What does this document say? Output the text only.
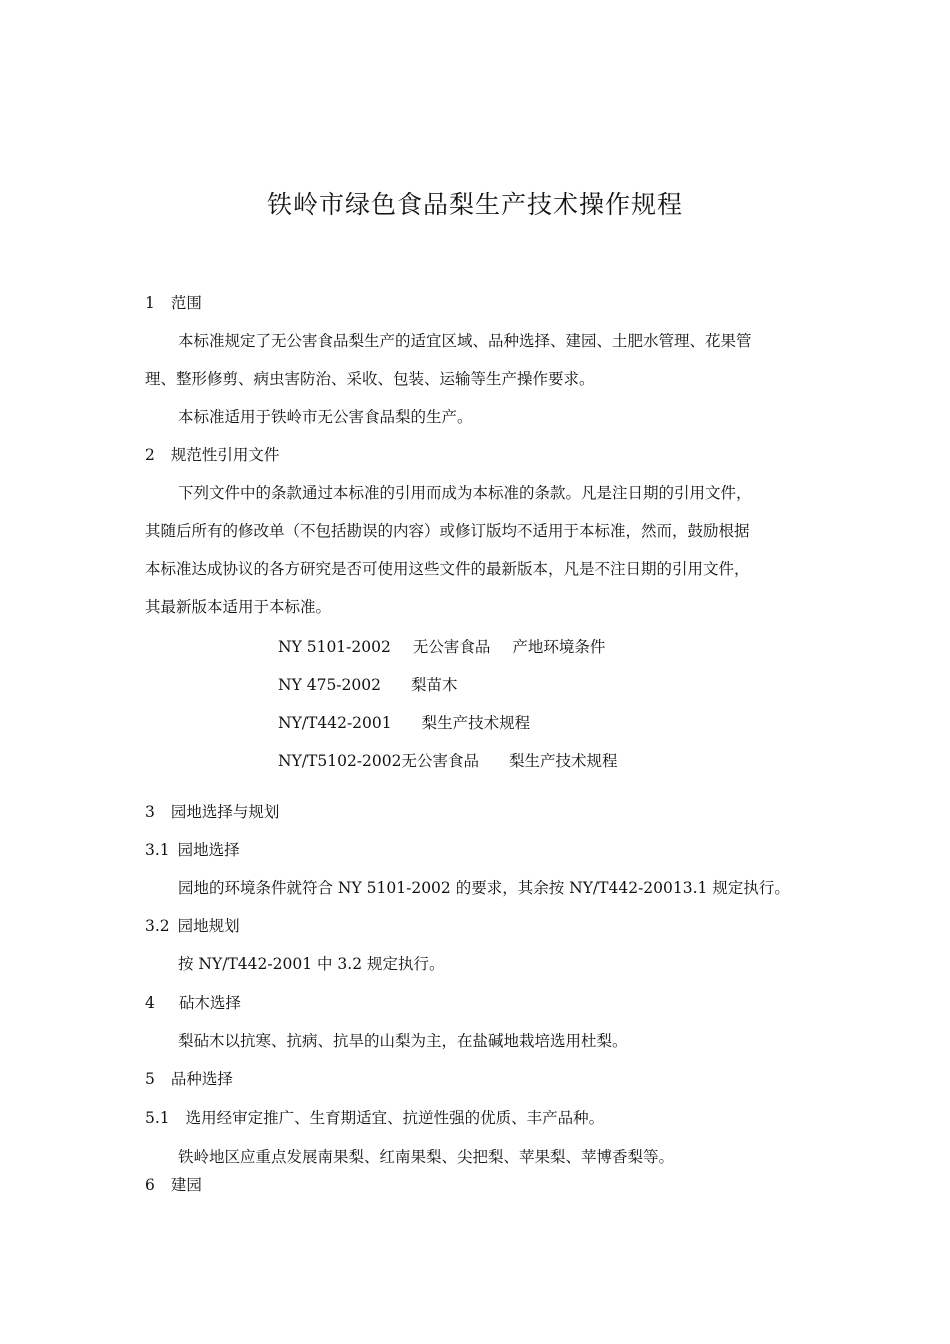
铁岭市绿色食品梨生产技术操作规程
1 范围
本标准规定了无公害食品梨生产的适宜区域、品种选择、建园、土肥水管理、花果管
理、整形修剪、病虫害防治、采收、包装、运输等生产操作要求。
本标准适用于铁岭市无公害食品梨的生产。
2 规范性引用文件
下列文件中的条款通过本标准的引用而成为本标准的条款。凡是注日期的引用文件，
其随后所有的修改单（不包括勘误的内容）或修订版均不适用于本标准，然而，鼓励根据
本标准达成协议的各方研究是否可使用这些文件的最新版本，凡是不注日期的引用文件，
其最新版本适用于本标准。
NY 5101-2002 无公害食品 产地环境条件
NY 475-2002 梨苗木
NY/T442-2001 梨生产技术规程
NY/T5102-2002无公害食品 梨生产技术规程
3 园地选择与规划
3.1 园地选择
园地的环境条件就符合 NY 5101-2002 的要求，其余按 NY/T442-20013.1 规定执行。
3.2 园地规划
按 NY/T442-2001 中 3.2 规定执行。
4 砧木选择
梨砧木以抗寒、抗病、抗旱的山梨为主，在盐碱地栽培选用杜梨。
5 品种选择
5.1 选用经审定推广、生育期适宜、抗逆性强的优质、丰产品种。
铁岭地区应重点发展南果梨、红南果梨、尖把梨、苹果梨、苹博香梨等。
6 建园
